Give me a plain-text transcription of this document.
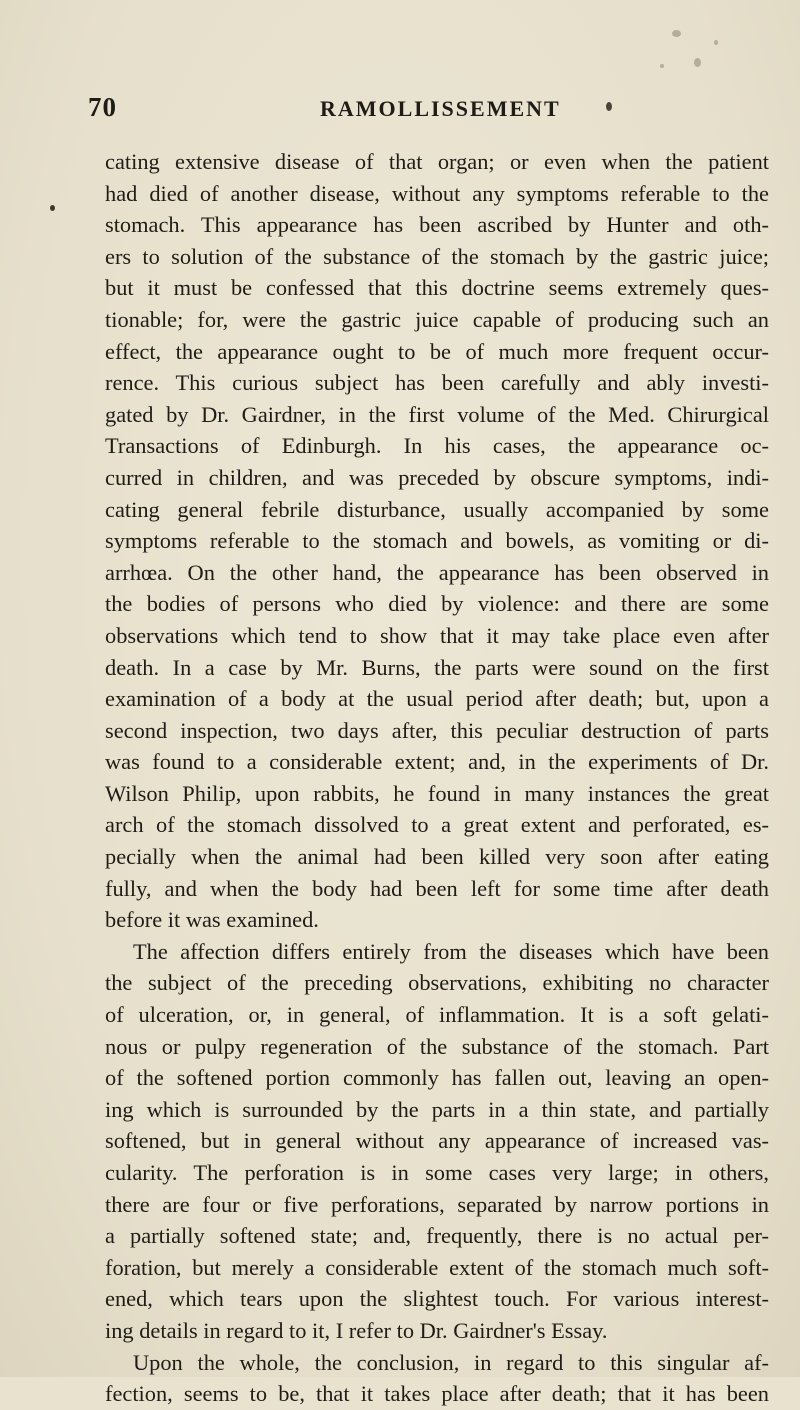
70	RAMOLLISSEMENT
cating extensive disease of that organ; or even when the patient
had died of another disease, without any symptoms referable to the
stomach. This appearance has been ascribed by Hunter and oth-
ers to solution of the substance of the stomach by the gastric juice;
but it must be confessed that this doctrine seems extremely ques-
tionable; for, were the gastric juice capable of producing such an
effect, the appearance ought to be of much more frequent occur-
rence. This curious subject has been carefully and ably investi-
gated by Dr. Gairdner, in the first volume of the Med. Chirurgical
Transactions of Edinburgh. In his cases, the appearance oc-
curred in children, and was preceded by obscure symptoms, indi-
cating general febrile disturbance, usually accompanied by some
symptoms referable to the stomach and bowels, as vomiting or di-
arrhœa. On the other hand, the appearance has been observed in
the bodies of persons who died by violence: and there are some
observations which tend to show that it may take place even after
death. In a case by Mr. Burns, the parts were sound on the first
examination of a body at the usual period after death; but, upon a
second inspection, two days after, this peculiar destruction of parts
was found to a considerable extent; and, in the experiments of Dr.
Wilson Philip, upon rabbits, he found in many instances the great
arch of the stomach dissolved to a great extent and perforated, es-
pecially when the animal had been killed very soon after eating
fully, and when the body had been left for some time after death
before it was examined.
The affection differs entirely from the diseases which have been
the subject of the preceding observations, exhibiting no character
of ulceration, or, in general, of inflammation. It is a soft gelati-
nous or pulpy regeneration of the substance of the stomach. Part
of the softened portion commonly has fallen out, leaving an open-
ing which is surrounded by the parts in a thin state, and partially
softened, but in general without any appearance of increased vas-
cularity. The perforation is in some cases very large; in others,
there are four or five perforations, separated by narrow portions in
a partially softened state; and, frequently, there is no actual per-
foration, but merely a considerable extent of the stomach much soft-
ened, which tears upon the slightest touch. For various interest-
ing details in regard to it, I refer to Dr. Gairdner's Essay.
Upon the whole, the conclusion, in regard to this singular af-
fection, seems to be, that it takes place after death; that it has been
